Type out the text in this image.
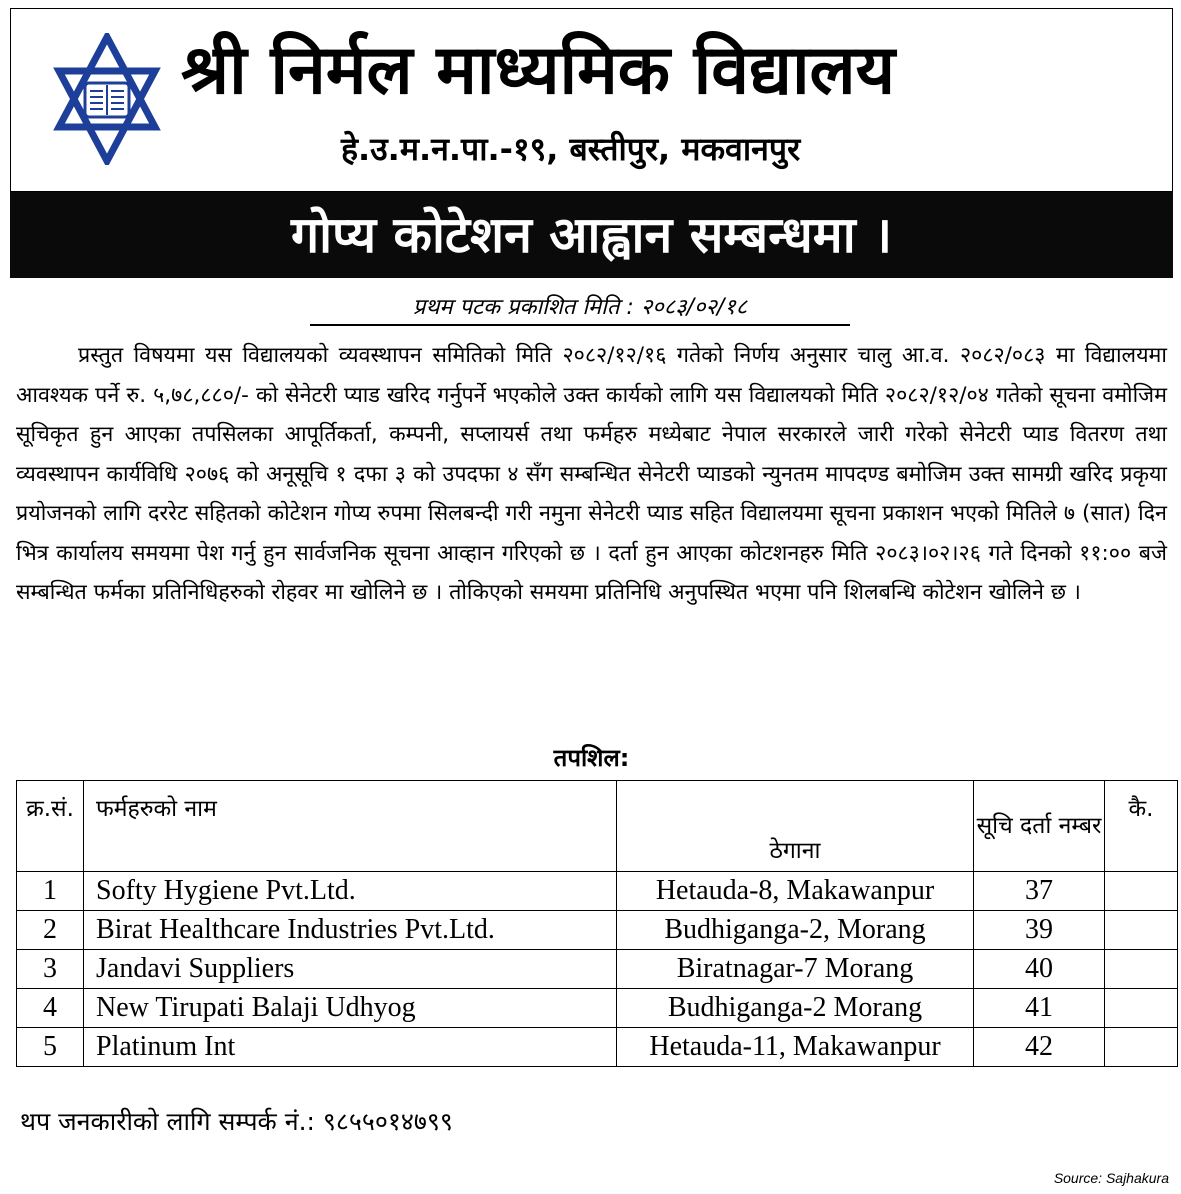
श्री निर्मल माध्यमिक विद्यालय
हे.उ.म.न.पा.-१९, बस्तीपुर, मकवानपुर
गोप्य कोटेशन आह्वान सम्बन्धमा ।
प्रथम पटक प्रकाशित मिति : २०८३/०२/१८

प्रस्तुत विषयमा यस विद्यालयको व्यवस्थापन समितिको मिति २०८२/१२/१६ गतेको निर्णय अनुसार चालु आ.व. २०८२/०८३ मा विद्यालयमा आवश्यक पर्ने रु. ५,७८,८८०/- को सेनेटरी प्याड खरिद गर्नुपर्ने भएकोले उक्त कार्यको लागि यस विद्यालयको मिति २०८२/१२/०४ गतेको सूचना वमोजिम सूचिकृत हुन आएका तपसिलका आपूर्तिकर्ता, कम्पनी, सप्लायर्स तथा फर्महरु मध्येबाट नेपाल सरकारले जारी गरेको सेनेटरी प्याड वितरण तथा व्यवस्थापन कार्यविधि २०७६ को अनूसूचि १ दफा ३ को उपदफा ४ सँग सम्बन्धित सेनेटरी प्याडको न्युनतम मापदण्ड बमोजिम उक्त सामग्री खरिद प्रकृया प्रयोजनको लागि दररेट सहितको कोटेशन गोप्य रुपमा सिलबन्दी गरी नमुना सेनेटरी प्याड सहित विद्यालयमा सूचना प्रकाशन भएको मितिले ७ (सात) दिन भित्र कार्यालय समयमा पेश गर्नु हुन सार्वजनिक सूचना आव्हान गरिएको छ । दर्ता हुन आएका कोटशनहरु मिति २०८३।०२।२६ गते दिनको ११:०० बजे सम्बन्धित फर्मका प्रतिनिधिहरुको रोहवर मा खोलिने छ । तोकिएको समयमा प्रतिनिधि अनुपस्थित भएमा पनि शिलबन्धि कोटेशन खोलिने छ ।

तपशिल:
क्र.सं.	फर्महरुको नाम	ठेगाना	सूचि दर्ता नम्बर	कै.
1	Softy Hygiene Pvt.Ltd.	Hetauda-8, Makawanpur	37	
2	Birat Healthcare Industries Pvt.Ltd.	Budhiganga-2, Morang	39	
3	Jandavi Suppliers	Biratnagar-7 Morang	40	
4	New Tirupati Balaji Udhyog	Budhiganga-2 Morang	41	
5	Platinum Int	Hetauda-11, Makawanpur	42	
थप जनकारीको लागि सम्पर्क नं.: ९८५५०१४७९९
Source: Sajhakura
